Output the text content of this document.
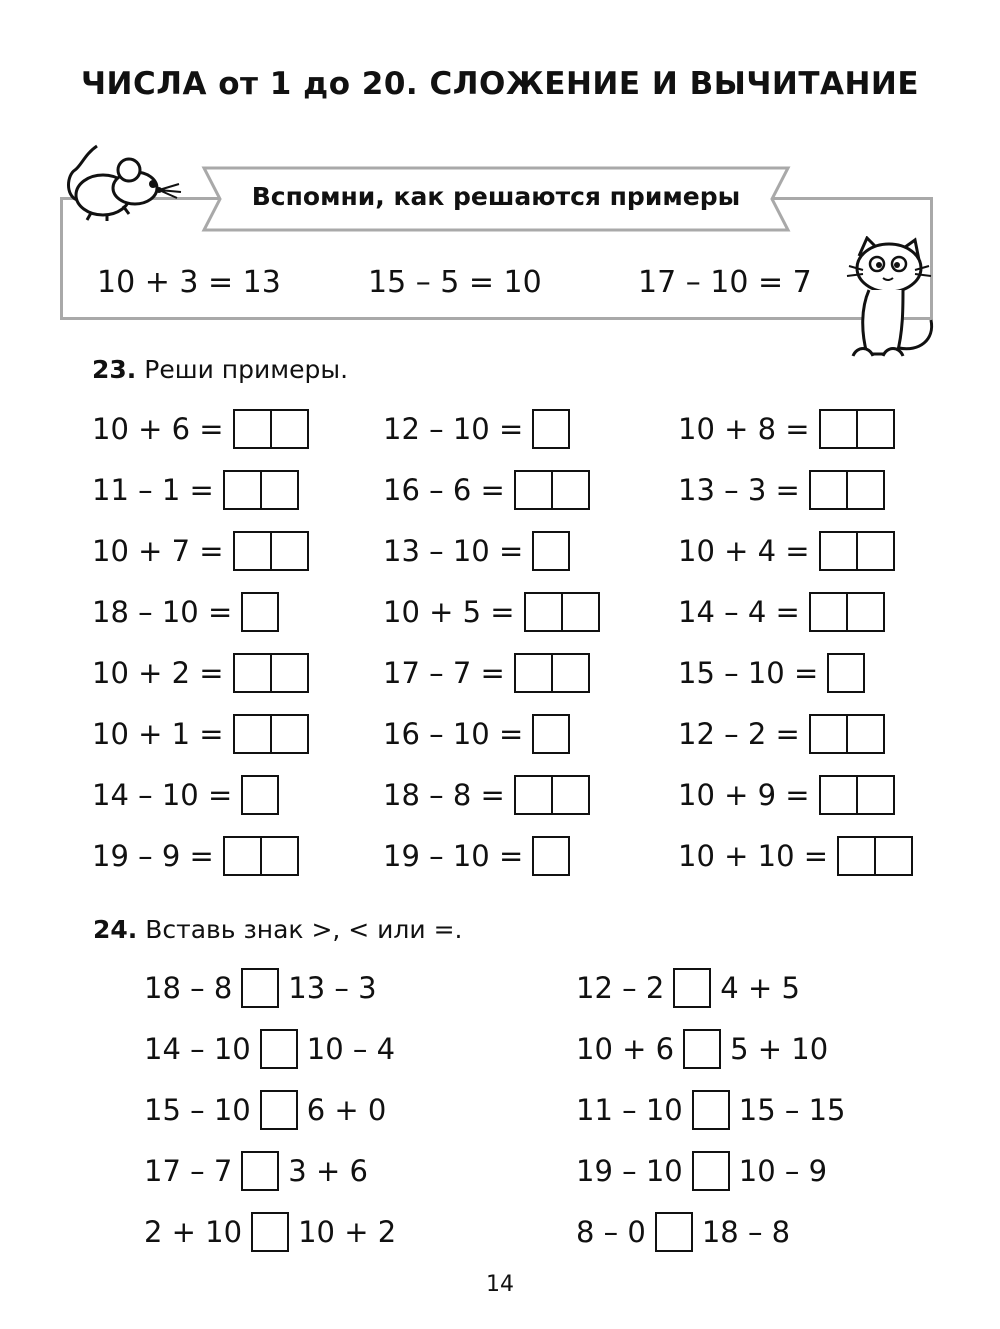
ЧИСЛА от 1 до 20. СЛОЖЕНИЕ И ВЫЧИТАНИЕ
Вспомни, как решаются примеры
10 + 3 = 13	15 – 5 = 10	17 – 10 = 7
23. Реши примеры.
10 + 6 =
11 – 1 =
10 + 7 =
18 – 10 =
10 + 2 =
10 + 1 =
14 – 10 =
19 – 9 =
12 – 10 =
16 – 6 =
13 – 10 =
10 + 5 =
17 – 7 =
16 – 10 =
18 – 8 =
19 – 10 =
10 + 8 =
13 – 3 =
10 + 4 =
14 – 4 =
15 – 10 =
12 – 2 =
10 + 9 =
10 + 10 =
24. Вставь знак >, < или =.
18 – 8 13 – 3
14 – 10 10 – 4
15 – 10 6 + 0
17 – 7 3 + 6
2 + 10 10 + 2
12 – 2 4 + 5
10 + 6 5 + 10
11 – 10 15 – 15
19 – 10 10 – 9
8 – 0 18 – 8
14
